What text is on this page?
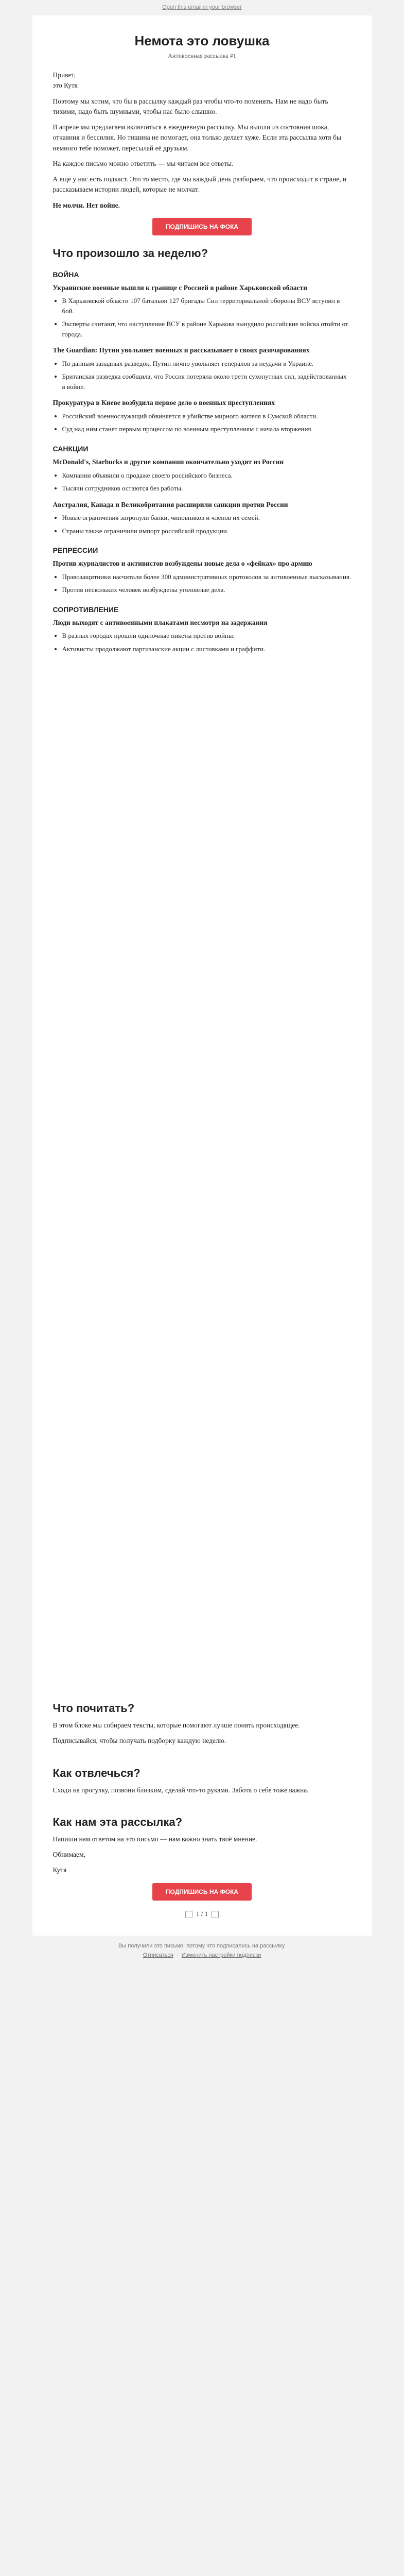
Open this email in your browser
Немота это ловушка
Антивоенная рассылка #1

Привет,
это Кутя

Поэтому мы хотим, что бы в рассылку каждый раз чтобы что-то поменять. Нам не надо быть тихими, надо быть шумными, чтобы нас было слышно.

В апреле мы предлагаем включиться в ежедневную рассылку. Мы вышли из состояния шока, отчаяния и бессилия. Но тишина не помогает, она только делает хуже. Если эта рассылка хотя бы немного тебе поможет, пересылай её друзьям.

На каждое письмо можно ответить — мы читаем все ответы.

А еще у нас есть подкаст. Это то место, где мы каждый день разбираем, что происходит в стране, и рассказываем истории людей, которые не молчат.

Не молчи. Нет войне.

ПОДПИШИСЬ НА ФОКА
Что произошло за неделю?
ВОЙНА
Украинские военные вышли к границе с Россией в районе Харьковской области
• В Харьковской области 107 батальон 127 бригады Сил территориальной обороны ВСУ вступил в бой.
• Эксперты считают, что наступление ВСУ в районе Харькова вынудило российские войска отойти от города.
The Guardian: Путин увольняет военных и рассказывает о своих разочарованиях
• По данным западных разведок, Путин лично увольняет генералов за неудачи в Украине.
• Британская разведка сообщила, что Россия потеряла около трети сухопутных сил, задействованных в войне.
Прокуратура в Киеве возбудила первое дело о военных преступлениях
• Российский военнослужащий обвиняется в убийстве мирного жителя в Сумской области.
• Суд над ним станет первым процессом по военным преступлениям с начала вторжения.
САНКЦИИ
McDonald's, Starbucks и другие компании окончательно уходят из России
• Компании объявили о продаже своего российского бизнеса.
• Тысячи сотрудников остаются без работы.
Австралия, Канада и Великобритания расширили санкции против России
• Новые ограничения затронули банки, чиновников и членов их семей.
• Страны также ограничили импорт российской продукции.
РЕПРЕССИИ
Против журналистов и активистов возбуждены новые дела о «фейках» про армию
• Правозащитники насчитали более 300 административных протоколов за антивоенные высказывания.
• Против нескольких человек возбуждены уголовные дела.
СОПРОТИВЛЕНИЕ
Люди выходят с антивоенными плакатами несмотря на задержания
• В разных городах прошли одиночные пикеты против войны.
• Активисты продолжают партизанские акции с листовками и граффити.
Что почитать?

В этом блоке мы собираем тексты, которые помогают лучше понять происходящее.

Подписывайся, чтобы получать подборку каждую неделю.

Как отвлечься?

Сходи на прогулку, позвони близким, сделай что-то руками. Забота о себе тоже важна.

Как нам эта рассылка?

Напиши нам ответом на это письмо — нам важно знать твоё мнение.

Обнимаем,

Кутя

ПОДПИШИСЬ НА ФОКА
1 / 1
Вы получили это письмо, потому что подписались на рассылку.
Отписаться  ·  Изменить настройки подписки
